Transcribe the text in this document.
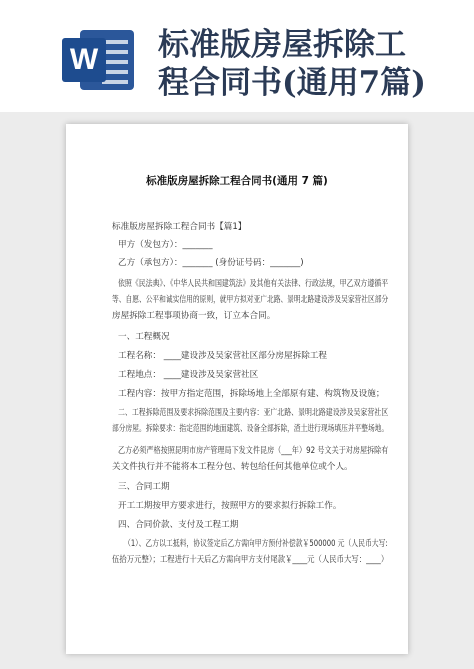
W 标准版房屋拆除工
程合同书(通用7篇)
标准版房屋拆除工程合同书(通用 7 篇)
标准版房屋拆除工程合同书【篇1】
甲方（发包方）：_______
乙方（承包方）：_______ (身份证号码：_______)
依照《民法典》、《中华人民共和国建筑法》及其他有关法律、行政法规，甲乙双方遵循平
等、自愿、公平和诚实信用的原则，就甲方拟对亚广北路、景明北路建设涉及吴家营社区部分
房屋拆除工程事项协商一致，订立本合同。
一、工程概况
工程名称： ____建设涉及吴家营社区部分房屋拆除工程
工程地点： ____建设涉及吴家营社区
工程内容：按甲方指定范围，拆除场地上全部原有建、构筑物及设施；
二、工程拆除范围及要求拆除范围及主要内容：亚广北路、景明北路建设涉及吴家营社区
部分房屋。拆除要求：指定范围的地面建筑、设备全部拆除，渣土进行现场填压并平整场地。
乙方必须严格按照昆明市房产管理局下发文件昆房（___年）92 号文关于对房屋拆除有
关文件执行并不能将本工程分包、转包给任何其他单位或个人。
三、合同工期
开工工期按甲方要求进行，按照甲方的要求拟行拆除工作。
四、合同价款、支付及工程工期
（1）、乙方以工抵料，协议签定后乙方需向甲方预付补偿款￥500000 元（人民币大写:
伍拾万元整）；工程进行十天后乙方需向甲方支付尾款￥____元（人民币大写：____）
